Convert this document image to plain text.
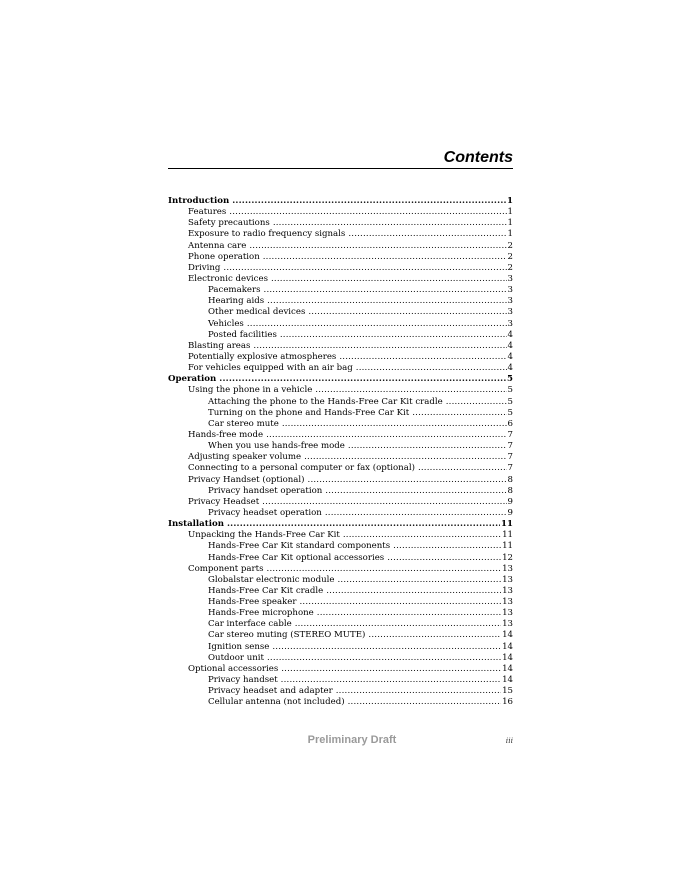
Contents
Introduction .....	1
Features .....	1
Safety precautions .....	1
Exposure to radio frequency signals .....	1
Antenna care .....	2
Phone operation .....	2
Driving .....	2
Electronic devices .....	3
Pacemakers .....	3
Hearing aids .....	3
Other medical devices .....	3
Vehicles .....	3
Posted facilities .....	4
Blasting areas .....	4
Potentially explosive atmospheres .....	4
For vehicles equipped with an air bag .....	4
Operation .....	5
Using the phone in a vehicle .....	5
Attaching the phone to the Hands-Free Car Kit cradle .....	5
Turning on the phone and Hands-Free Car Kit .....	5
Car stereo mute .....	6
Hands-free mode .....	7
When you use hands-free mode .....	7
Adjusting speaker volume .....	7
Connecting to a personal computer or fax (optional) .....	7
Privacy Handset (optional) .....	8
Privacy handset operation .....	8
Privacy Headset .....	9
Privacy headset operation .....	9
Installation .....	11
Unpacking the Hands-Free Car Kit .....	11
Hands-Free Car Kit standard components .....	11
Hands-Free Car Kit optional accessories .....	12
Component parts .....	13
Globalstar electronic module .....	13
Hands-Free Car Kit cradle .....	13
Hands-Free speaker .....	13
Hands-Free microphone .....	13
Car interface cable .....	13
Car stereo muting (STEREO MUTE) .....	14
Ignition sense .....	14
Outdoor unit .....	14
Optional accessories .....	14
Privacy handset .....	14
Privacy headset and adapter .....	15
Cellular antenna (not included) .....	16
Preliminary Draft	iii
